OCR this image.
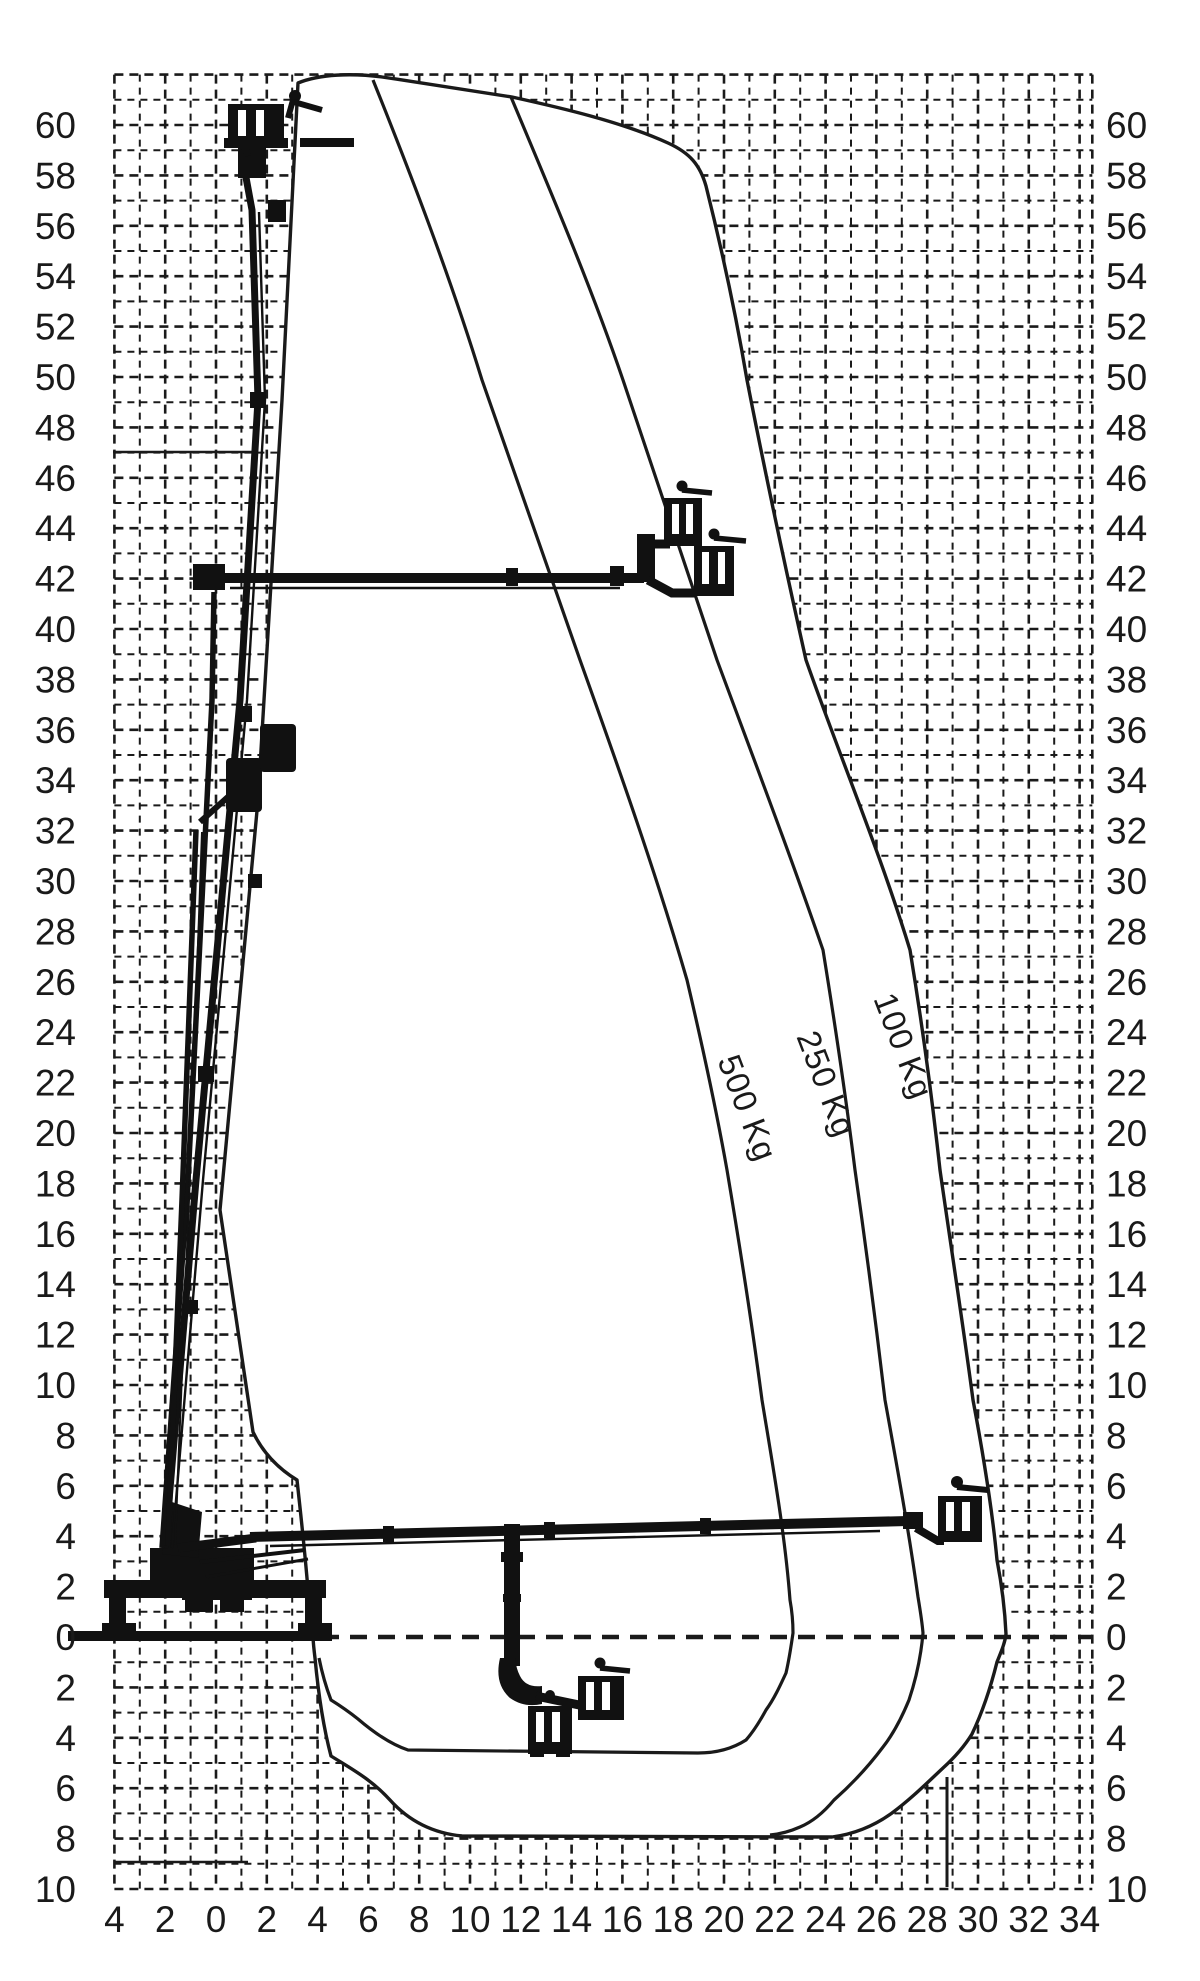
60	60
58	58
56	56
54	54
52	52
50	50
48	48
46	46
44	44
42	42
40	40
38	38
36	36
34	34
32	32
30	30
28	28
26	26
24	24
22	22
20	20
18	18
16	16
14	14
12	12
10	10
8	8
6	6
4	4
2	2
0	0
2	2
4	4
6	6
8	8
10	10
4 2 0 2 4 6 8 10 12 14 16 18 20 22 24 26 28 30 32 34
500 Kg 250 Kg 100 Kg
